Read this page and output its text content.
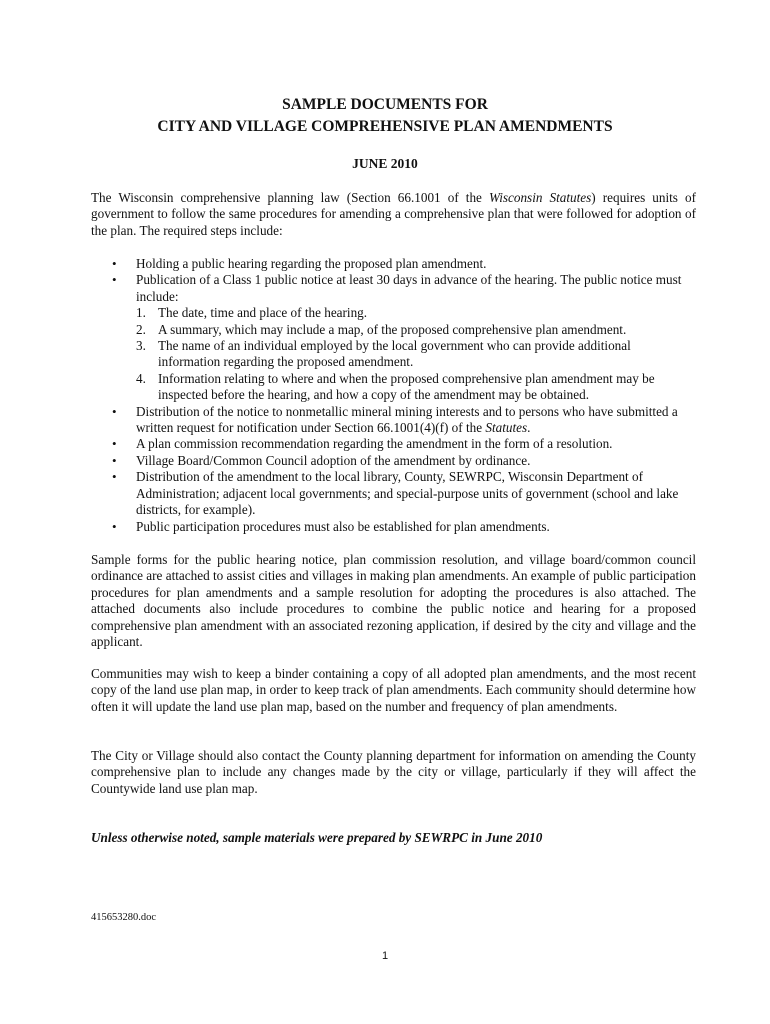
SAMPLE DOCUMENTS FOR
CITY AND VILLAGE COMPREHENSIVE PLAN AMENDMENTS
JUNE 2010

The Wisconsin comprehensive planning law (Section 66.1001 of the Wisconsin Statutes) requires units of government to follow the same procedures for amending a comprehensive plan that were followed for adoption of the plan. The required steps include:

• Holding a public hearing regarding the proposed plan amendment.
• Publication of a Class 1 public notice at least 30 days in advance of the hearing. The public notice must include:
1. The date, time and place of the hearing.
2. A summary, which may include a map, of the proposed comprehensive plan amendment.
3. The name of an individual employed by the local government who can provide additional information regarding the proposed amendment.
4. Information relating to where and when the proposed comprehensive plan amendment may be inspected before the hearing, and how a copy of the amendment may be obtained.
• Distribution of the notice to nonmetallic mineral mining interests and to persons who have submitted a written request for notification under Section 66.1001(4)(f) of the Statutes.
• A plan commission recommendation regarding the amendment in the form of a resolution.
• Village Board/Common Council adoption of the amendment by ordinance.
• Distribution of the amendment to the local library, County, SEWRPC, Wisconsin Department of Administration; adjacent local governments; and special-purpose units of government (school and lake districts, for example).
• Public participation procedures must also be established for plan amendments.

Sample forms for the public hearing notice, plan commission resolution, and village board/common council ordinance are attached to assist cities and villages in making plan amendments. An example of public participation procedures for plan amendments and a sample resolution for adopting the procedures is also attached. The attached documents also include procedures to combine the public notice and hearing for a proposed comprehensive plan amendment with an associated rezoning application, if desired by the city and village and the applicant.

Communities may wish to keep a binder containing a copy of all adopted plan amendments, and the most recent copy of the land use plan map, in order to keep track of plan amendments. Each community should determine how often it will update the land use plan map, based on the number and frequency of plan amendments.

The City or Village should also contact the County planning department for information on amending the County comprehensive plan to include any changes made by the city or village, particularly if they will affect the Countywide land use plan map.

Unless otherwise noted, sample materials were prepared by SEWRPC in June 2010
415653280.doc
1
